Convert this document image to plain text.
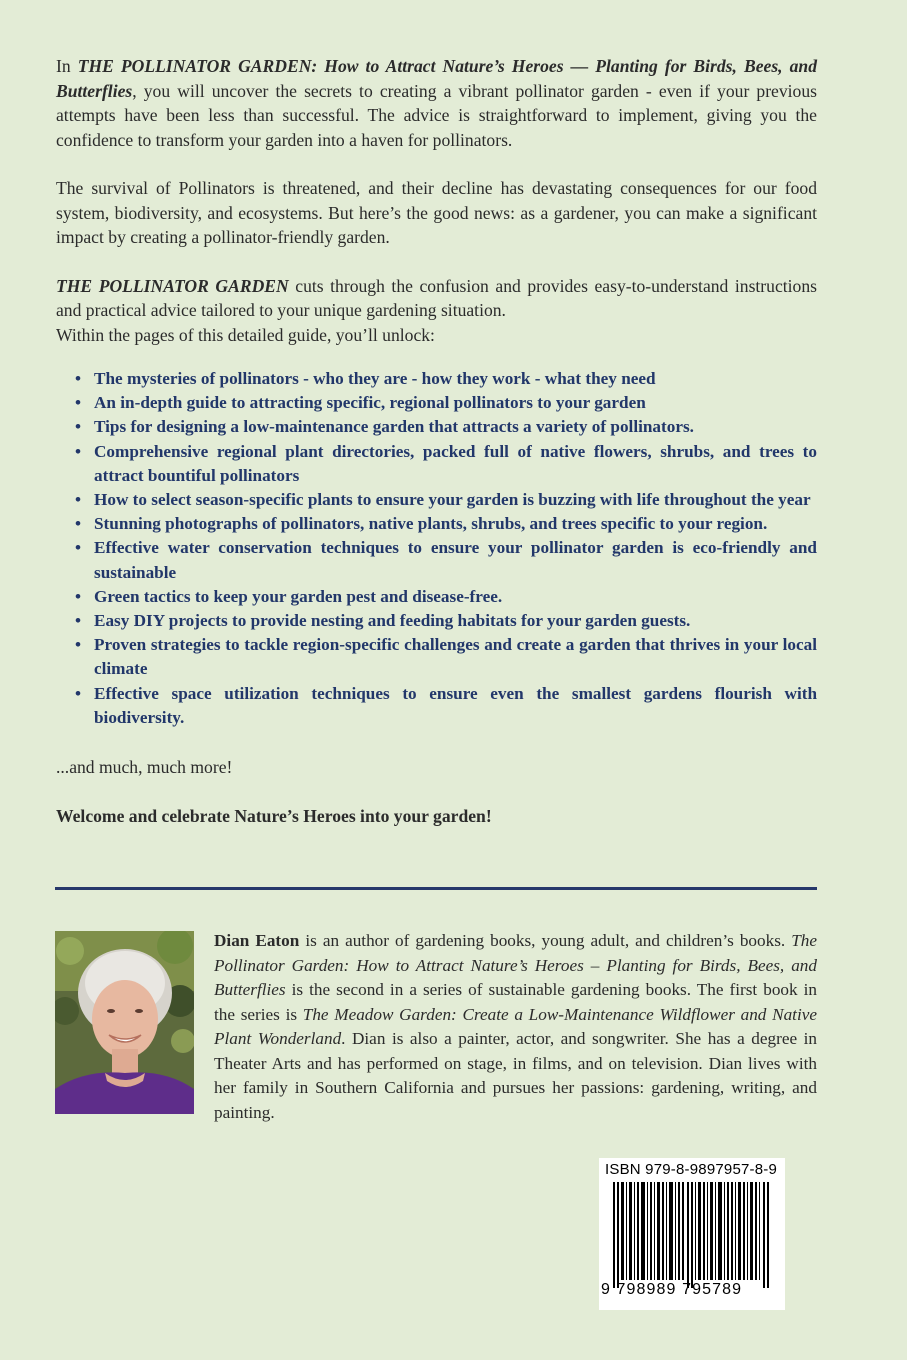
In THE POLLINATOR GARDEN: How to Attract Nature’s Heroes — Planting for Birds, Bees, and Butterflies, you will uncover the secrets to creating a vibrant pollinator garden - even if your previous attempts have been less than successful. The advice is straightforward to implement, giving you the confidence to transform your garden into a haven for pollinators.

The survival of Pollinators is threatened, and their decline has devastating consequences for our food system, biodiversity, and ecosystems. But here’s the good news: as a gardener, you can make a significant impact by creating a pollinator-friendly garden.

THE POLLINATOR GARDEN cuts through the confusion and provides easy-to-understand instructions and practical advice tailored to your unique gardening situation.

Within the pages of this detailed guide, you’ll unlock:

• The mysteries of pollinators - who they are - how they work - what they need
• An in-depth guide to attracting specific, regional pollinators to your garden
• Tips for designing a low-maintenance garden that attracts a variety of pollinators.
• Comprehensive regional plant directories, packed full of native flowers, shrubs, and trees to attract bountiful pollinators
• How to select season-specific plants to ensure your garden is buzzing with life throughout the year
• Stunning photographs of pollinators, native plants, shrubs, and trees specific to your region.
• Effective water conservation techniques to ensure your pollinator garden is eco-friendly and sustainable
• Green tactics to keep your garden pest and disease-free.
• Easy DIY projects to provide nesting and feeding habitats for your garden guests.
• Proven strategies to tackle region-specific challenges and create a garden that thrives in your local climate
• Effective space utilization techniques to ensure even the smallest gardens flourish with biodiversity.

...and much, much more!

Welcome and celebrate Nature’s Heroes into your garden!

Dian Eaton is an author of gardening books, young adult, and children’s books. The Pollinator Garden: How to Attract Nature’s Heroes – Planting for Birds, Bees, and Butterflies is the second in a series of sustainable gardening books. The first book in the series is The Meadow Garden: Create a Low-Maintenance Wildflower and Native Plant Wonderland. Dian is also a painter, actor, and songwriter. She has a degree in Theater Arts and has performed on stage, in films, and on television. Dian lives with her family in Southern California and pursues her passions: gardening, writing, and painting.

ISBN 979-8-9897957-8-9
9 798989 795789
